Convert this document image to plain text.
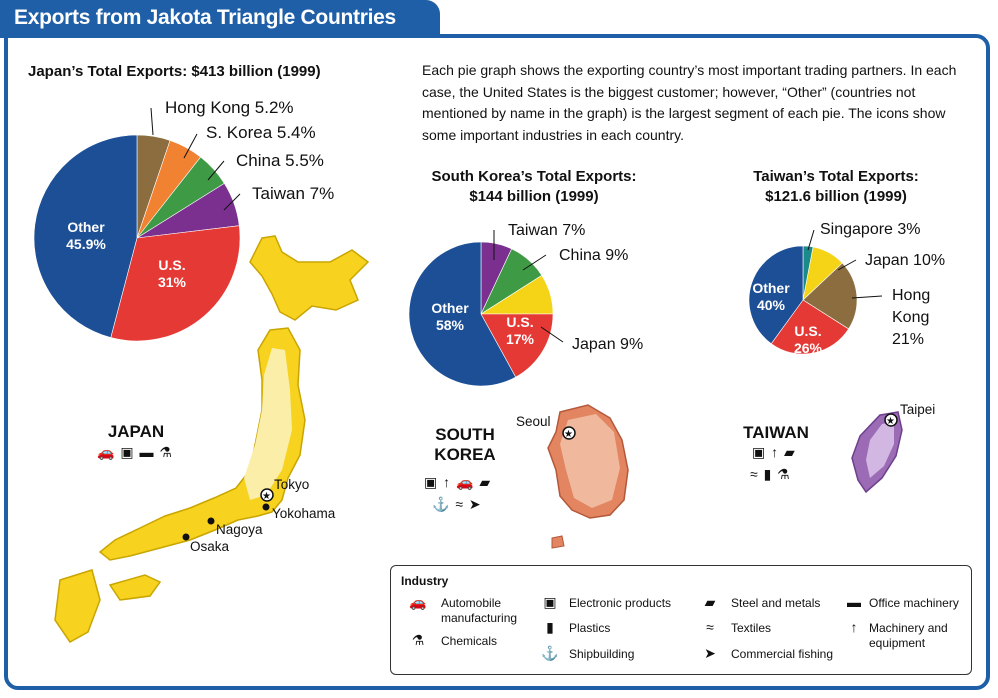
Exports from Jakota Triangle Countries
★
★
★
Hong Kong 5.2%
S. Korea 5.4%
China 5.5%
Taiwan 7%
U.S.
31%
Other
45.9%
Taiwan 7%
China 9%
Japan 9%
U.S.
17%
Other
58%
Singapore 3%
Japan 10%
Hong
Kong
21%
U.S.
26%
Other
40%
Japan’s Total Exports: $413 billion (1999)
South Korea’s Total Exports:
$144 billion (1999)
Taiwan’s Total Exports:
$121.6 billion (1999)
Each pie graph shows the exporting country’s most important trading partners. In each case, the United States is the biggest customer; however, “Other” (countries not mentioned by name in the graph) is the largest segment of each pie. The icons show some important industries in each country.
JAPAN
🚗 ▣ ▬ ⚗
SOUTH
KOREA
▣ ↑ 🚗 ▰
⚓ ≈ ➤
TAIWAN
▣ ↑ ▰
≈ ▮ ⚗
Tokyo
Yokohama
Nagoya
Osaka
Seoul
Taipei
Industry
🚗	Automobile manufacturing
⚗	Chemicals
▣	Electronic products
▮	Plastics
⚓ Shipbuilding
▰	Steel and metals
≈	Textiles
➤	Commercial fishing
▬ Office machinery
↑ Machinery and equipment
